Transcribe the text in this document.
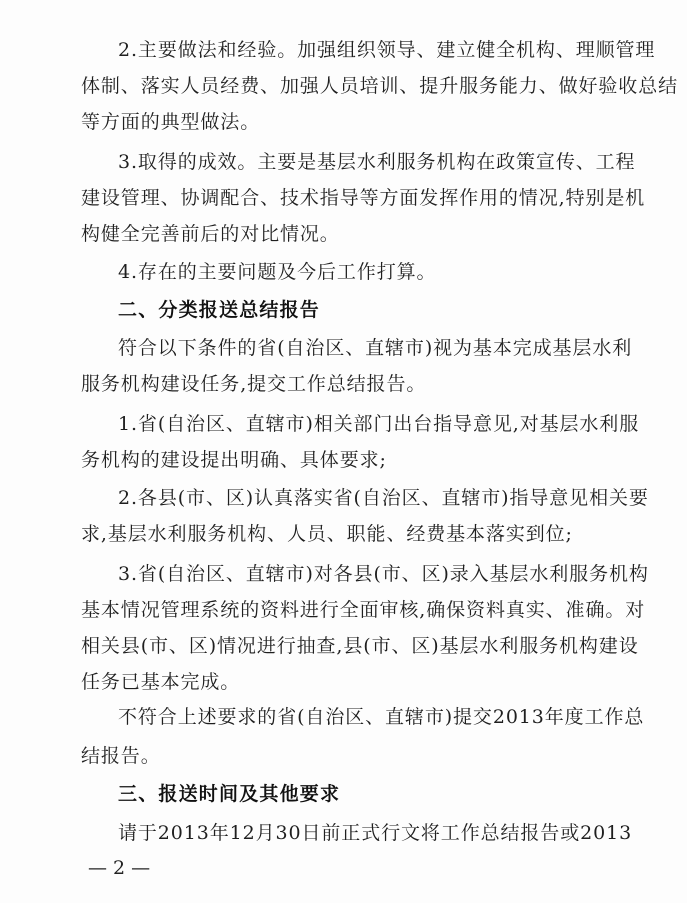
2.主要做法和经验。加强组织领导、建立健全机构、理顺管理
体制、落实人员经费、加强人员培训、提升服务能力、做好验收总结
等方面的典型做法。
3.取得的成效。主要是基层水利服务机构在政策宣传、工程
建设管理、协调配合、技术指导等方面发挥作用的情况,特别是机
构健全完善前后的对比情况。
4.存在的主要问题及今后工作打算。
二、分类报送总结报告
符合以下条件的省(自治区、直辖市)视为基本完成基层水利
服务机构建设任务,提交工作总结报告。
1.省(自治区、直辖市)相关部门出台指导意见,对基层水利服
务机构的建设提出明确、具体要求;
2.各县(市、区)认真落实省(自治区、直辖市)指导意见相关要
求,基层水利服务机构、人员、职能、经费基本落实到位;
3.省(自治区、直辖市)对各县(市、区)录入基层水利服务机构
基本情况管理系统的资料进行全面审核,确保资料真实、准确。对
相关县(市、区)情况进行抽查,县(市、区)基层水利服务机构建设
任务已基本完成。
不符合上述要求的省(自治区、直辖市)提交2013年度工作总
结报告。
三、报送时间及其他要求
— 2 —
请于2013年12月30日前正式行文将工作总结报告或2013
